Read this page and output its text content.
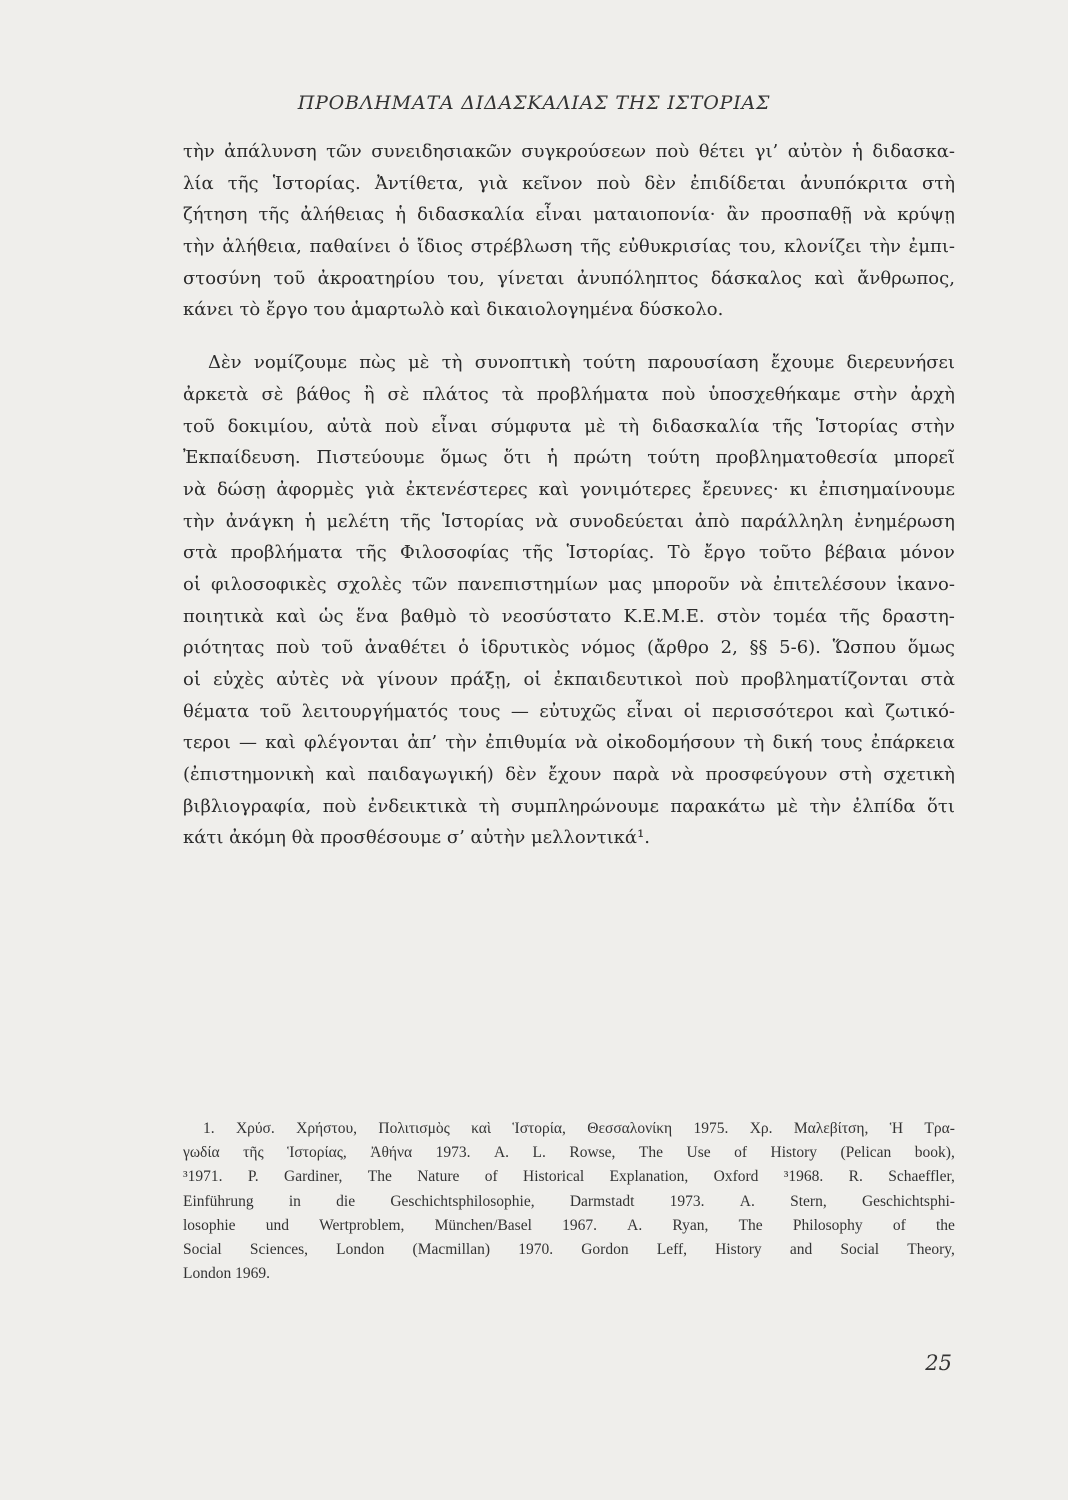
ΠΡΟΒΛΗΜΑΤΑ ΔΙΔΑΣΚΑΛΙΑΣ ΤΗΣ ΙΣΤΟΡΙΑΣ
τὴν ἀπάλυνση τῶν συνειδησιακῶν συγκρούσεων ποὺ θέτει γι’ αὐτὸν ἡ διδασκα-
λία τῆς Ἱστορίας. Ἀντίθετα, γιὰ κεῖνον ποὺ δὲν ἐπιδίδεται ἀνυπόκριτα στὴ
ζήτηση τῆς ἀλήθειας ἡ διδασκαλία εἶναι ματαιοπονία· ἂν προσπαθῇ νὰ κρύψῃ
τὴν ἀλήθεια, παθαίνει ὁ ἴδιος στρέβλωση τῆς εὐθυκρισίας του, κλονίζει τὴν ἐμπι-
στοσύνη τοῦ ἀκροατηρίου του, γίνεται ἀνυπόληπτος δάσκαλος καὶ ἄνθρωπος,
κάνει τὸ ἔργο του ἁμαρτωλὸ καὶ δικαιολογημένα δύσκολο.
Δὲν νομίζουμε πὼς μὲ τὴ συνοπτικὴ τούτη παρουσίαση ἔχουμε διερευνήσει
ἀρκετὰ σὲ βάθος ἢ σὲ πλάτος τὰ προβλήματα ποὺ ὑποσχεθήκαμε στὴν ἀρχὴ
τοῦ δοκιμίου, αὐτὰ ποὺ εἶναι σύμφυτα μὲ τὴ διδασκαλία τῆς Ἱστορίας στὴν
Ἐκπαίδευση. Πιστεύουμε ὅμως ὅτι ἡ πρώτη τούτη προβληματοθεσία μπορεῖ
νὰ δώσῃ ἀφορμὲς γιὰ ἐκτενέστερες καὶ γονιμότερες ἔρευνες· κι ἐπισημαίνουμε
τὴν ἀνάγκη ἡ μελέτη τῆς Ἱστορίας νὰ συνοδεύεται ἀπὸ παράλληλη ἐνημέρωση
στὰ προβλήματα τῆς Φιλοσοφίας τῆς Ἱστορίας. Τὸ ἔργο τοῦτο βέβαια μόνον
οἱ φιλοσοφικὲς σχολὲς τῶν πανεπιστημίων μας μποροῦν νὰ ἐπιτελέσουν ἱκανο-
ποιητικὰ καὶ ὡς ἕνα βαθμὸ τὸ νεοσύστατο Κ.Ε.Μ.Ε. στὸν τομέα τῆς δραστη-
ριότητας ποὺ τοῦ ἀναθέτει ὁ ἱδρυτικὸς νόμος (ἄρθρο 2, §§ 5-6). Ὥσπου ὅμως
οἱ εὐχὲς αὐτὲς νὰ γίνουν πράξῃ, οἱ ἐκπαιδευτικοὶ ποὺ προβληματίζονται στὰ
θέματα τοῦ λειτουργήματός τους — εὐτυχῶς εἶναι οἱ περισσότεροι καὶ ζωτικό-
τεροι — καὶ φλέγονται ἀπ’ τὴν ἐπιθυμία νὰ οἰκοδομήσουν τὴ δική τους ἐπάρκεια
(ἐπιστημονικὴ καὶ παιδαγωγική) δὲν ἔχουν παρὰ νὰ προσφεύγουν στὴ σχετικὴ
βιβλιογραφία, ποὺ ἐνδεικτικὰ τὴ συμπληρώνουμε παρακάτω μὲ τὴν ἐλπίδα ὅτι
κάτι ἀκόμη θὰ προσθέσουμε σ’ αὐτὴν μελλοντικά¹.
1. Χρύσ. Χρήστου, Πολιτισμὸς καὶ Ἱστορία, Θεσσαλονίκη 1975. Χρ. Μαλεβίτση, Ἡ Τρα-
γωδία τῆς Ἱστορίας, Ἀθήνα 1973. A. L. Rowse, The Use of History (Pelican book),
³1971. P. Gardiner, The Nature of Historical Explanation, Oxford ³1968. R. Schaeffler,
Einführung in die Geschichtsphilosophie, Darmstadt 1973. A. Stern, Geschichtsphi-
losophie und Wertproblem, München/Basel 1967. A. Ryan, The Philosophy of the
Social Sciences, London (Macmillan) 1970. Gordon Leff, History and Social Theory,
London 1969.
25
